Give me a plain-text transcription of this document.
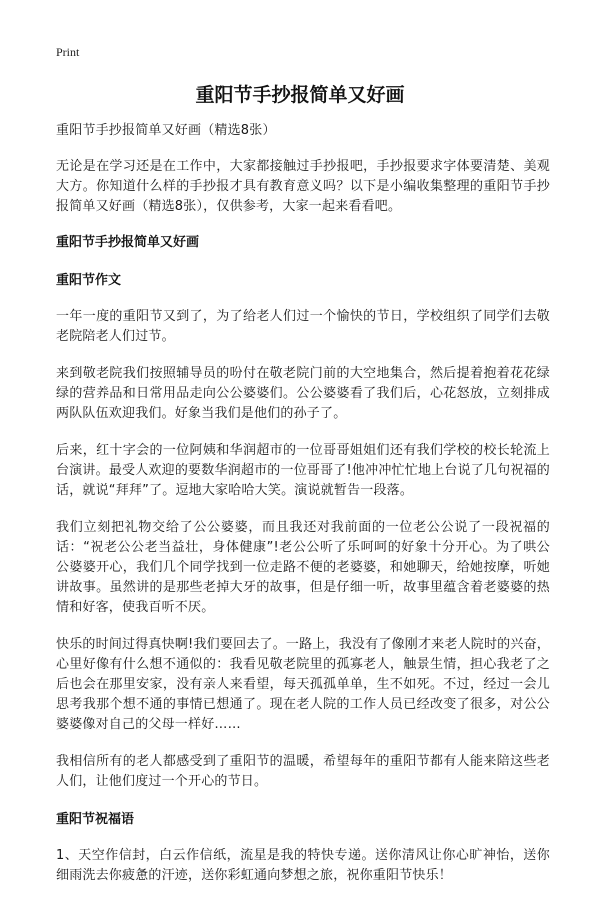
Print
重阳节手抄报简单又好画

重阳节手抄报简单又好画（精选8张）

无论是在学习还是在工作中，大家都接触过手抄报吧，手抄报要求字体要清楚、美观大方。你知道什么样的手抄报才具有教育意义吗？以下是小编收集整理的重阳节手抄报简单又好画（精选8张），仅供参考，大家一起来看看吧。

重阳节手抄报简单又好画
重阳节作文

一年一度的重阳节又到了，为了给老人们过一个愉快的节日，学校组织了同学们去敬老院陪老人们过节。

来到敬老院我们按照辅导员的吩付在敬老院门前的大空地集合，然后提着抱着花花绿绿的营养品和日常用品走向公公婆婆们。公公婆婆看了我们后，心花怒放，立刻排成两队队伍欢迎我们。好象当我们是他们的孙子了。

后来，红十字会的一位阿姨和华润超市的一位哥哥姐姐们还有我们学校的校长轮流上台演讲。最受人欢迎的要数华润超市的一位哥哥了!他冲冲忙忙地上台说了几句祝福的话，就说“拜拜”了。逗地大家哈哈大笑。演说就暂告一段落。

我们立刻把礼物交给了公公婆婆，而且我还对我前面的一位老公公说了一段祝福的话：“祝老公公老当益壮，身体健康”!老公公听了乐呵呵的好象十分开心。为了哄公公婆婆开心，我们几个同学找到一位走路不便的老婆婆，和她聊天，给她按摩，听她讲故事。虽然讲的是那些老掉大牙的故事，但是仔细一听，故事里蕴含着老婆婆的热情和好客，使我百听不厌。

快乐的时间过得真快啊!我们要回去了。一路上，我没有了像刚才来老人院时的兴奋，心里好像有什么想不通似的：我看见敬老院里的孤寡老人，触景生情，担心我老了之后也会在那里安家，没有亲人来看望，每天孤孤单单，生不如死。不过，经过一会儿思考我那个想不通的事情已想通了。现在老人院的工作人员已经改变了很多，对公公婆婆像对自己的父母一样好……

我相信所有的老人都感受到了重阳节的温暖，希望每年的重阳节都有人能来陪这些老人们，让他们度过一个开心的节日。

重阳节祝福语

1、天空作信封，白云作信纸，流星是我的特快专递。送你清风让你心旷神怡，送你细雨洗去你疲惫的汗迹，送你彩虹通向梦想之旅，祝你重阳节快乐！
